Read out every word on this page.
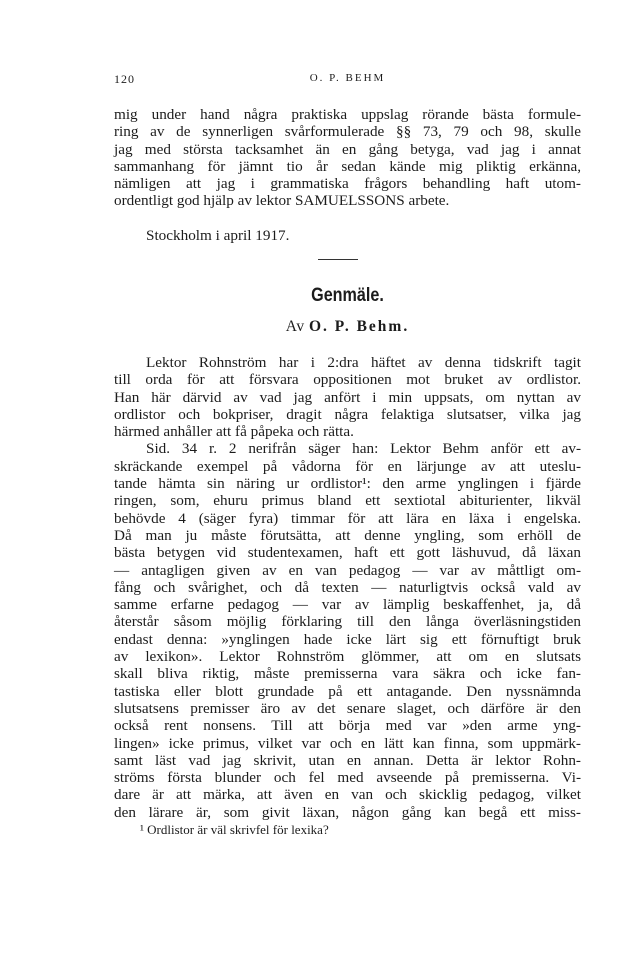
120	O. P. BEHM
mig under hand några praktiska uppslag rörande bästa formule-
ring av de synnerligen svårformulerade §§ 73, 79 och 98, skulle
jag med största tacksamhet än en gång betyga, vad jag i annat
sammanhang för jämnt tio år sedan kände mig pliktig erkänna,
nämligen att jag i grammatiska frågors behandling haft utom-
ordentligt god hjälp av lektor SAMUELSSONS arbete.
Stockholm i april 1917.
Genmäle.
Av O. P. Behm.
Lektor Rohnström har i 2:dra häftet av denna tidskrift tagit
till orda för att försvara oppositionen mot bruket av ordlistor.
Han här därvid av vad jag anfört i min uppsats, om nyttan av
ordlistor och bokpriser, dragit några felaktiga slutsatser, vilka jag
härmed anhåller att få påpeka och rätta.
Sid. 34 r. 2 nerifrån säger han: Lektor Behm anför ett av-
skräckande exempel på vådorna för en lärjunge av att uteslu-
tande hämta sin näring ur ordlistor¹: den arme ynglingen i fjärde
ringen, som, ehuru primus bland ett sextiotal abiturienter, likväl
behövde 4 (säger fyra) timmar för att lära en läxa i engelska.
Då man ju måste förutsätta, att denne yngling, som erhöll de
bästa betygen vid studentexamen, haft ett gott läshuvud, då läxan
— antagligen given av en van pedagog — var av måttligt om-
fång och svårighet, och då texten — naturligtvis också vald av
samme erfarne pedagog — var av lämplig beskaffenhet, ja, då
återstår såsom möjlig förklaring till den långa överläsningstiden
endast denna: »ynglingen hade icke lärt sig ett förnuftigt bruk
av lexikon». Lektor Rohnström glömmer, att om en slutsats
skall bliva riktig, måste premisserna vara säkra och icke fan-
tastiska eller blott grundade på ett antagande. Den nyssnämnda
slutsatsens premisser äro av det senare slaget, och därföre är den
också rent nonsens. Till att börja med var »den arme yng-
lingen» icke primus, vilket var och en lätt kan finna, som uppmärk-
samt läst vad jag skrivit, utan en annan. Detta är lektor Rohn-
ströms första blunder och fel med avseende på premisserna. Vi-
dare är att märka, att även en van och skicklig pedagog, vilket
den lärare är, som givit läxan, någon gång kan begå ett miss-
¹ Ordlistor är väl skrivfel för lexika?
